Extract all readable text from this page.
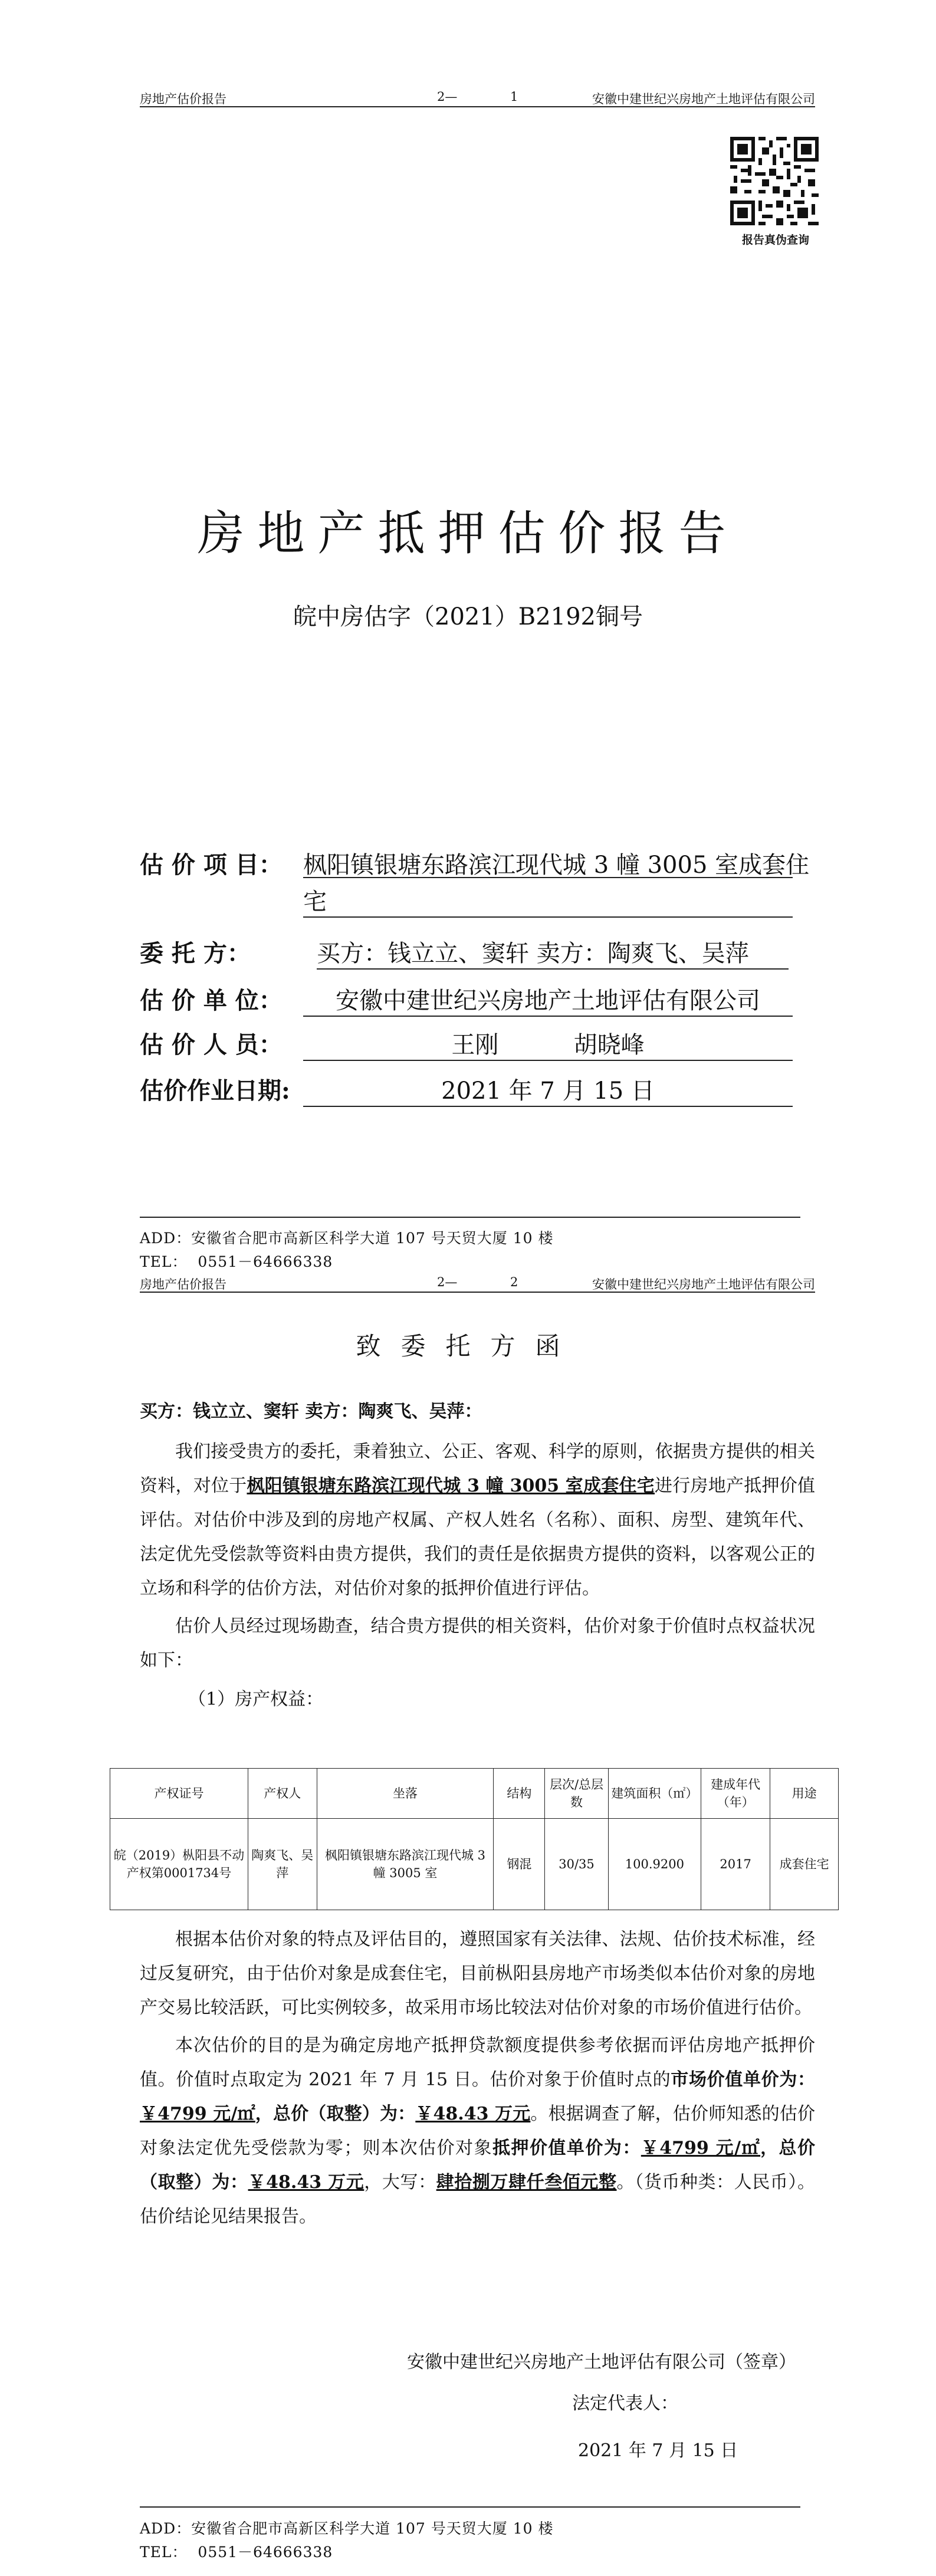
房地产估价报告	2—	1	安徽中建世纪兴房地产土地评估有限公司
报告真伪查询
房地产抵押估价报告
皖中房估字（2021）B2192铜号
估 价 项 目： 枫阳镇银塘东路滨江现代城 3 幢 3005 室成套住
宅
委 托 方：	买方：钱立立、窦轩 卖方：陶爽飞、吴萍
估 价 单 位：	安徽中建世纪兴房地产土地评估有限公司
估 价 人 员：	王刚          胡晓峰
估价作业日期:	2021 年 7 月 15 日
ADD：安徽省合肥市高新区科学大道 107 号天贸大厦 10 楼
TEL：  0551－64666338
房地产估价报告	2—	2	安徽中建世纪兴房地产土地评估有限公司
致委托方函

买方：钱立立、窦轩 卖方：陶爽飞、吴萍：

我们接受贵方的委托，秉着独立、公正、客观、科学的原则，依据贵方提供的相关资料，对位于枫阳镇银塘东路滨江现代城 3 幢 3005 室成套住宅进行房地产抵押价值评估。对估价中涉及到的房地产权属、产权人姓名（名称）、面积、房型、建筑年代、法定优先受偿款等资料由贵方提供，我们的责任是依据贵方提供的资料，以客观公正的立场和科学的估价方法，对估价对象的抵押价值进行评估。

估价人员经过现场勘查，结合贵方提供的相关资料，估价对象于价值时点权益状况如下：

（1）房产权益：

产权证号	产权人	坐落	结构	层次/总层数	建筑面积（㎡）	建成年代（年）	用途
皖（2019）枞阳县不动产权第0001734号	陶爽飞、吴萍	枫阳镇银塘东路滨江现代城 3 幢 3005 室	钢混	30/35	100.9200	2017	成套住宅

根据本估价对象的特点及评估目的，遵照国家有关法律、法规、估价技术标准，经过反复研究，由于估价对象是成套住宅，目前枞阳县房地产市场类似本估价对象的房地产交易比较活跃，可比实例较多，故采用市场比较法对估价对象的市场价值进行估价。

本次估价的目的是为确定房地产抵押贷款额度提供参考依据而评估房地产抵押价值。价值时点取定为 2021 年 7 月 15 日。估价对象于价值时点的市场价值单价为：￥4799 元/㎡，总价（取整）为：￥48.43 万元。根据调查了解，估价师知悉的估价对象法定优先受偿款为零；则本次估价对象抵押价值单价为：￥4799 元/㎡，总价（取整）为：￥48.43 万元，大写：肆拾捌万肆仟叁佰元整。（货币种类：人民币）。估价结论见结果报告。

安徽中建世纪兴房地产土地评估有限公司（签章）
法定代表人：
2021 年 7 月 15 日
ADD：安徽省合肥市高新区科学大道 107 号天贸大厦 10 楼
TEL：  0551－64666338
